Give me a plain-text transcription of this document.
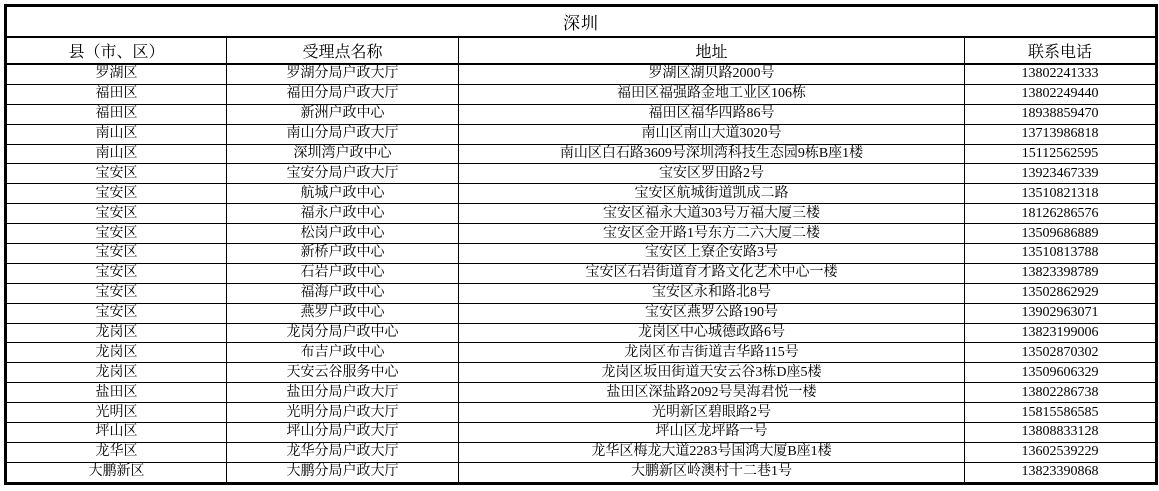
深圳			
县（市、区）	受理点名称	地址	联系电话
罗湖区	罗湖分局户政大厅	罗湖区湖贝路2000号	13802241333
福田区	福田分局户政大厅	福田区福强路金地工业区106栋	13802249440
福田区	新洲户政中心	福田区福华四路86号	18938859470
南山区	南山分局户政大厅	南山区南山大道3020号	13713986818
南山区	深圳湾户政中心	南山区白石路3609号深圳湾科技生态园9栋B座1楼	15112562595
宝安区	宝安分局户政大厅	宝安区罗田路2号	13923467339
宝安区	航城户政中心	宝安区航城街道凯成二路	13510821318
宝安区	福永户政中心	宝安区福永大道303号万福大厦三楼	18126286576
宝安区	松岗户政中心	宝安区金开路1号东方二六大厦二楼	13509686889
宝安区	新桥户政中心	宝安区上寮企安路3号	13510813788
宝安区	石岩户政中心	宝安区石岩街道育才路文化艺术中心一楼	13823398789
宝安区	福海户政中心	宝安区永和路北8号	13502862929
宝安区	燕罗户政中心	宝安区燕罗公路190号	13902963071
龙岗区	龙岗分局户政中心	龙岗区中心城德政路6号	13823199006
龙岗区	布吉户政中心	龙岗区布吉街道吉华路115号	13502870302
龙岗区	天安云谷服务中心	龙岗区坂田街道天安云谷3栋D座5楼	13509606329
盐田区	盐田分局户政大厅	盐田区深盐路2092号昊海君悦一楼	13802286738
光明区	光明分局户政大厅	光明新区碧眼路2号	15815586585
坪山区	坪山分局户政大厅	坪山区龙坪路一号	13808833128
龙华区	龙华分局户政大厅	龙华区梅龙大道2283号国鸿大厦B座1楼	13602539229
大鹏新区	大鹏分局户政大厅	大鹏新区岭澳村十二巷1号	13823390868
